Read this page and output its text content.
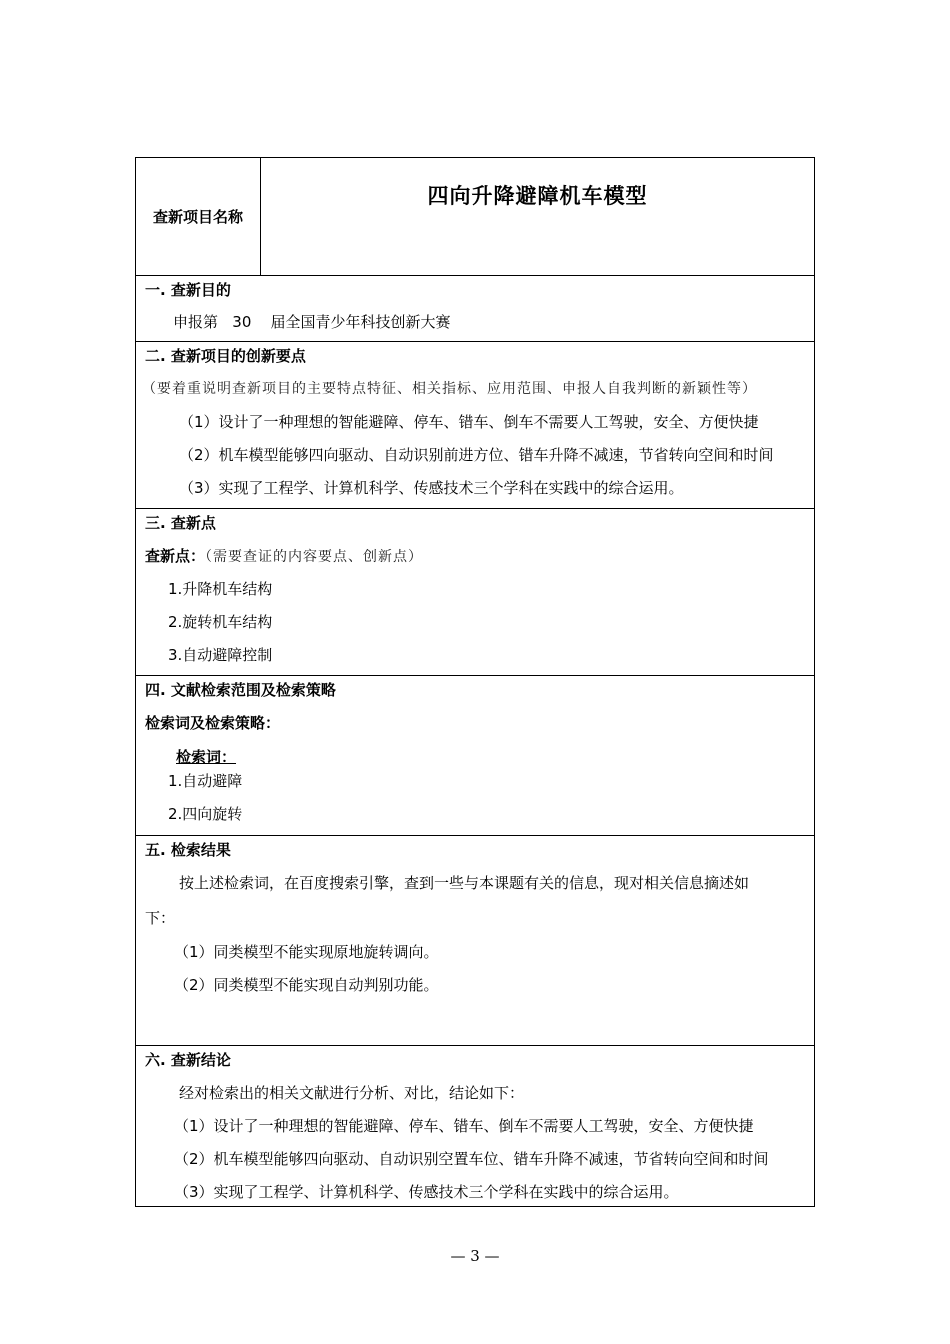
查新项目名称
四向升降避障机车模型
一. 查新目的
申报第   30    届全国青少年科技创新大赛
二. 查新项目的创新要点
（要着重说明查新项目的主要特点特征、相关指标、应用范围、申报人自我判断的新颖性等）
（1）设计了一种理想的智能避障、停车、错车、倒车不需要人工驾驶，安全、方便快捷
（2）机车模型能够四向驱动、自动识别前进方位、错车升降不减速，节省转向空间和时间
（3）实现了工程学、计算机科学、传感技术三个学科在实践中的综合运用。
三. 查新点
查新点：（需要查证的内容要点、创新点）
1.升降机车结构
2.旋转机车结构
3.自动避障控制
四. 文献检索范围及检索策略
检索词及检索策略：
检索词：
1.自动避障
2.四向旋转
五. 检索结果
按上述检索词，在百度搜索引擎，查到一些与本课题有关的信息，现对相关信息摘述如
下：
（1）同类模型不能实现原地旋转调向。
（2）同类模型不能实现自动判别功能。
六. 查新结论
经对检索出的相关文献进行分析、对比，结论如下：
（1）设计了一种理想的智能避障、停车、错车、倒车不需要人工驾驶，安全、方便快捷
（2）机车模型能够四向驱动、自动识别空置车位、错车升降不减速，节省转向空间和时间
（3）实现了工程学、计算机科学、传感技术三个学科在实践中的综合运用。
— 3 —
